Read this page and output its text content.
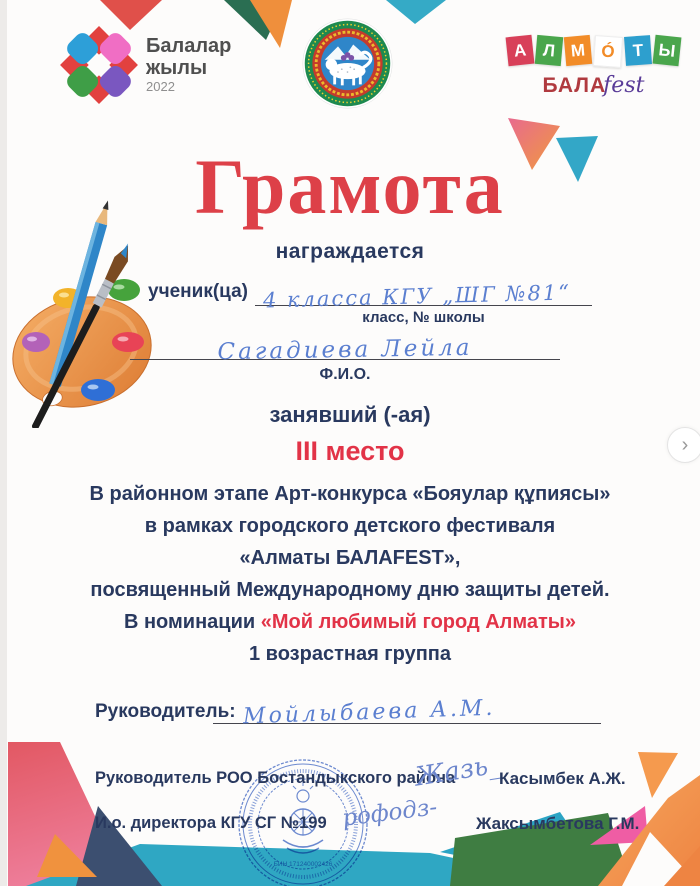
Балалар
жылы
2022
А Л М Ó Т Ы
БАЛАfest
Грамота
награждается
ученик(ца) 4 класса КГУ „ШГ №81“
класс, № школы
Сагадиева Лейла
Ф.И.О.
занявший (-ая)
III место

В районном этапе Арт-конкурса «Бояулар құпиясы»

в рамках городского детского фестиваля

«Алматы БАЛАFEST»,

посвященный Международному дню защиты детей.

В номинации «Мой любимый город Алматы»

1 возрастная группа

Руководитель: Мойлыбаева А.М.
БИН 171240002426
Руководитель РОО Бостандыкского района
Жазь_
Касымбек А.Ж.
И.о. директора КГУ СГ №199 рофодз- Жаксымбетова Г.М.
›
